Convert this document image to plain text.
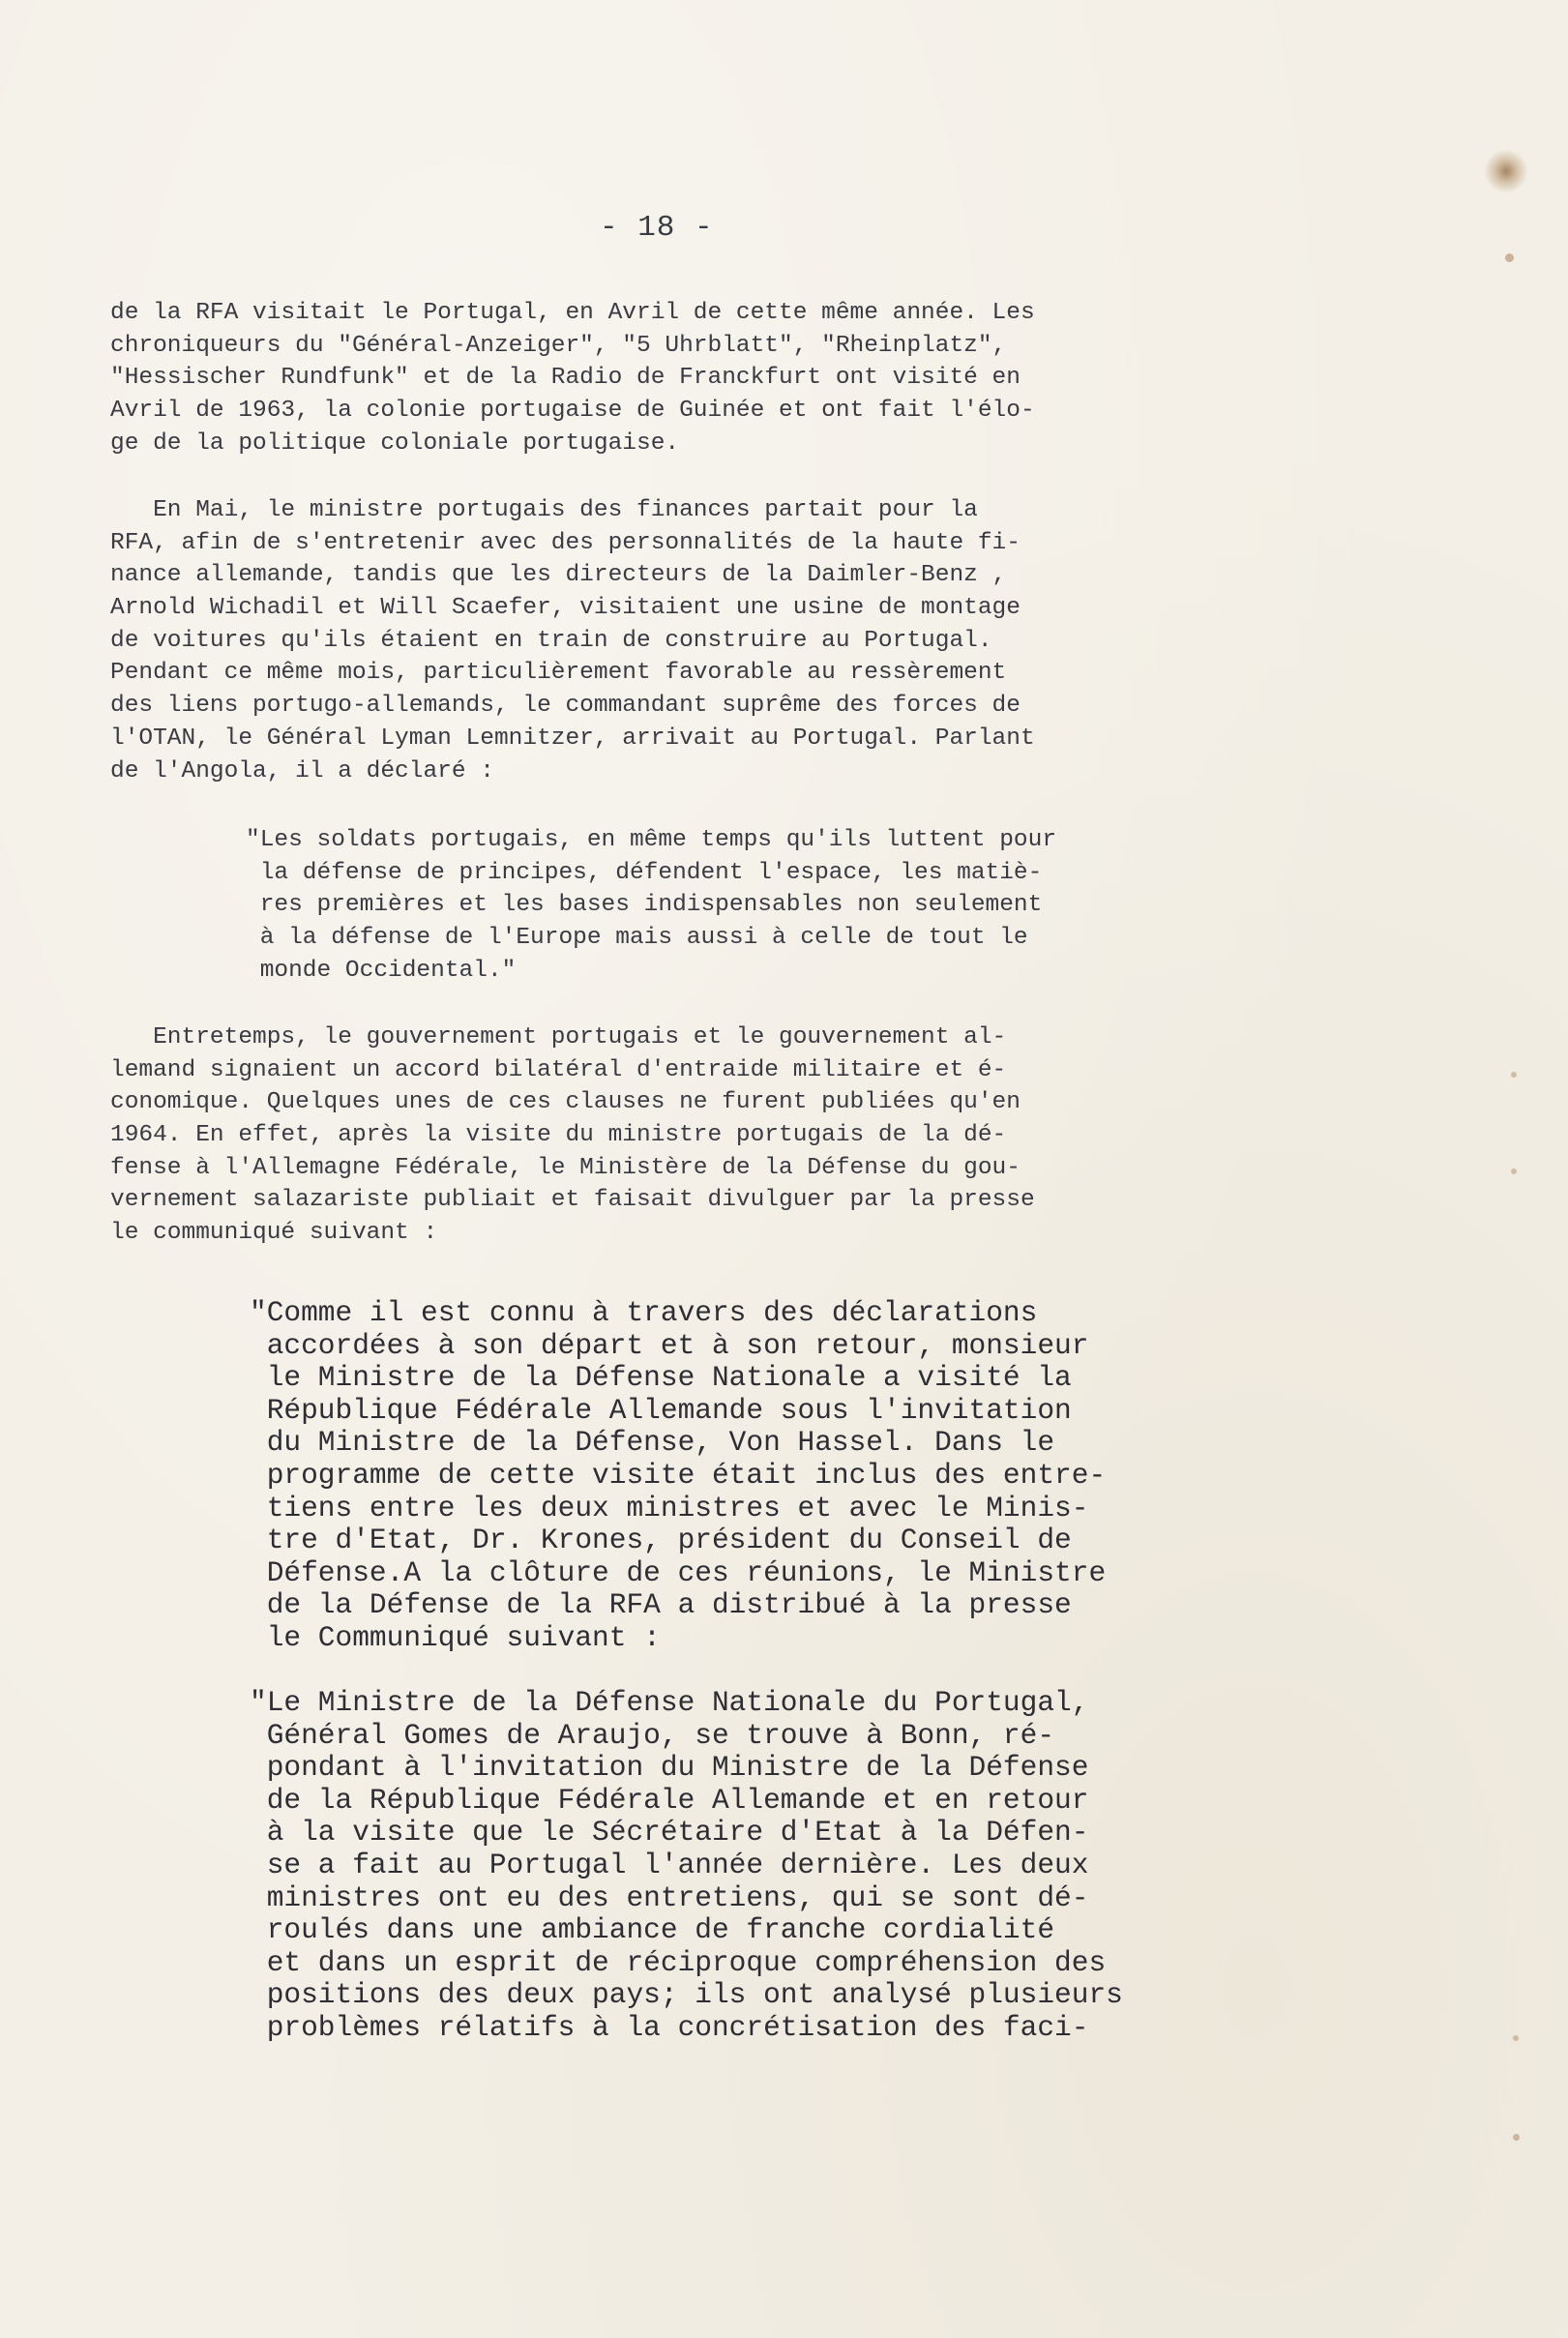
- 18 -
de la RFA visitait le Portugal, en Avril de cette même année. Les
chroniqueurs du "Général-Anzeiger", "5 Uhrblatt", "Rheinplatz",
"Hessischer Rundfunk" et de la Radio de Franckfurt ont visité en
Avril de 1963, la colonie portugaise de Guinée et ont fait l'élo-
ge de la politique coloniale portugaise.
En Mai, le ministre portugais des finances partait pour la
RFA, afin de s'entretenir avec des personnalités de la haute fi-
nance allemande, tandis que les directeurs de la Daimler-Benz ,
Arnold Wichadil et Will Scaefer, visitaient une usine de montage
de voitures qu'ils étaient en train de construire au Portugal.
Pendant ce même mois, particulièrement favorable au ressèrement
des liens portugo-allemands, le commandant suprême des forces de
l'OTAN, le Général Lyman Lemnitzer, arrivait au Portugal. Parlant
de l'Angola, il a déclaré :
"Les soldats portugais, en même temps qu'ils luttent pour
la défense de principes, défendent l'espace, les matiè-
res premières et les bases indispensables non seulement
à la défense de l'Europe mais aussi à celle de tout le
monde Occidental."
Entretemps, le gouvernement portugais et le gouvernement al-
lemand signaient un accord bilatéral d'entraide militaire et é-
conomique. Quelques unes de ces clauses ne furent publiées qu'en
1964. En effet, après la visite du ministre portugais de la dé-
fense à l'Allemagne Fédérale, le Ministère de la Défense du gou-
vernement salazariste publiait et faisait divulguer par la presse
le communiqué suivant :
"Comme il est connu à travers des déclarations
accordées à son départ et à son retour, monsieur
le Ministre de la Défense Nationale a visité la
République Fédérale Allemande sous l'invitation
du Ministre de la Défense, Von Hassel. Dans le
programme de cette visite était inclus des entre-
tiens entre les deux ministres et avec le Minis-
tre d'Etat, Dr. Krones, président du Conseil de
Défense.A la clôture de ces réunions, le Ministre
de la Défense de la RFA a distribué à la presse
le Communiqué suivant :
"Le Ministre de la Défense Nationale du Portugal,
Général Gomes de Araujo, se trouve à Bonn, ré-
pondant à l'invitation du Ministre de la Défense
de la République Fédérale Allemande et en retour
à la visite que le Sécrétaire d'Etat à la Défen-
se a fait au Portugal l'année dernière. Les deux
ministres ont eu des entretiens, qui se sont dé-
roulés dans une ambiance de franche cordialité
et dans un esprit de réciproque compréhension des
positions des deux pays; ils ont analysé plusieurs
problèmes rélatifs à la concrétisation des faci-
